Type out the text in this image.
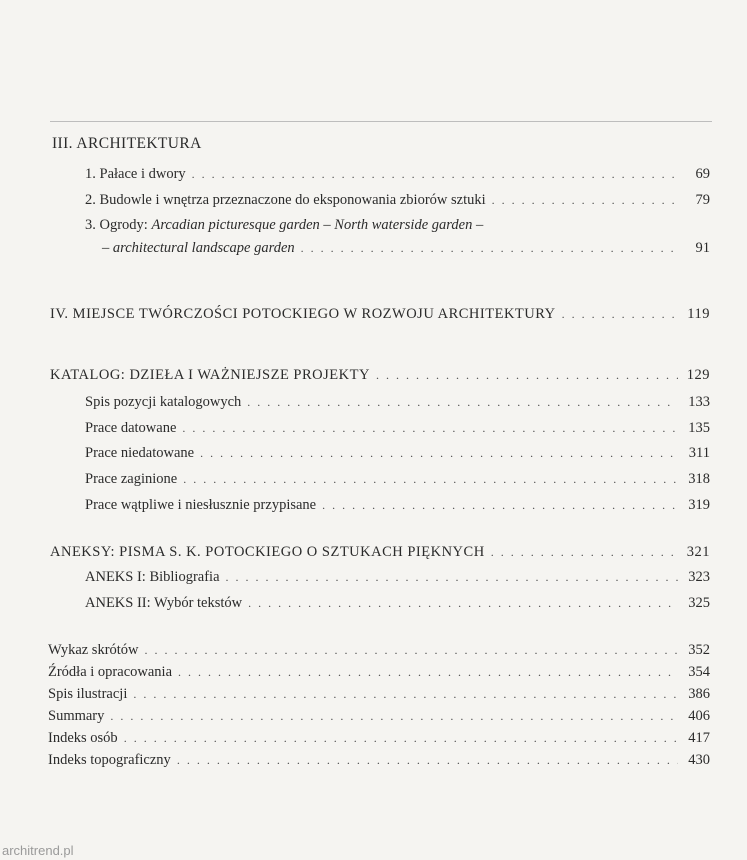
III. ARCHITEKTURA
1. Pałace i dwory . . .	69
2. Budowle i wnętrza przeznaczone do eksponowania zbiorów sztuki . . .	79
3. Ogrody: Arcadian picturesque garden – North waterside garden –
– architectural landscape garden . . .	91
IV. MIEJSCE TWÓRCZOŚCI POTOCKIEGO W ROZWOJU ARCHITEKTURY . . .	119
KATALOG: DZIEŁA I WAŻNIEJSZE PROJEKTY . . .	129
Spis pozycji katalogowych . . .	133
Prace datowane . . .	135
Prace niedatowane . . .	311
Prace zaginione . . .	318
Prace wątpliwe i niesłusznie przypisane . . .	319
ANEKSY: PISMA S. K. POTOCKIEGO O SZTUKACH PIĘKNYCH . . .	321
ANEKS I: Bibliografia . . .	323
ANEKS II: Wybór tekstów . . .	325
Wykaz skrótów . . .	352
Źródła i opracowania . . .	354
Spis ilustracji . . .	386
Summary . . .	406
Indeks osób . . .	417
Indeks topograficzny . . .	430
architrend.pl
